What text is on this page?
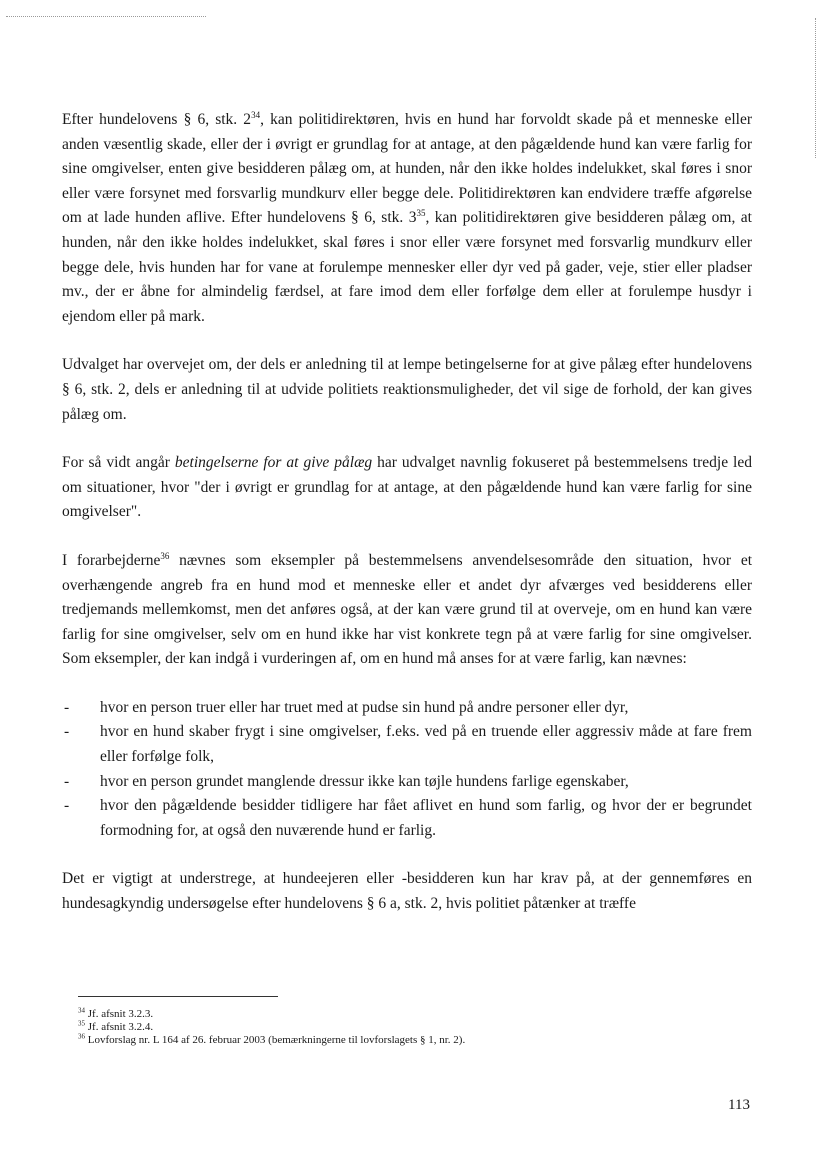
Efter hundelovens § 6, stk. $2^{34}$, kan politidirektøren, hvis en hund har forvoldt skade på et menneske eller anden væsentlig skade, eller der i øvrigt er grundlag for at antage, at den pågældende hund kan være farlig for sine omgivelser, enten give besidderen pålæg om, at hunden, når den ikke holdes indelukket, skal føres i snor eller være forsynet med forsvarlig mundkurv eller begge dele. Politidirektøren kan endvidere træffe afgørelse om at lade hunden aflive. Efter hundelovens § 6, stk. $3^{35}$, kan politidirektøren give besidderen pålæg om, at hunden, når den ikke holdes indelukket, skal føres i snor eller være forsynet med forsvarlig mundkurv eller begge dele, hvis hunden har for vane at forulempe mennesker eller dyr ved på gader, veje, stier eller pladser mv., der er åbne for almindelig færdsel, at fare imod dem eller forfølge dem eller at forulempe husdyr i ejendom eller på mark.

Udvalget har overvejet om, der dels er anledning til at lempe betingelserne for at give pålæg efter hundelovens § 6, stk. 2, dels er anledning til at udvide politiets reaktionsmuligheder, det vil sige de forhold, der kan gives pålæg om.

For så vidt angår betingelserne for at give pålæg har udvalget navnlig fokuseret på bestemmelsens tredje led om situationer, hvor "der i øvrigt er grundlag for at antage, at den pågældende hund kan være farlig for sine omgivelser".

I forarbejderne$^{36}$ nævnes som eksempler på bestemmelsens anvendelsesområde den situation, hvor et overhængende angreb fra en hund mod et menneske eller et andet dyr afværges ved besidderens eller tredjemands mellemkomst, men det anføres også, at der kan være grund til at overveje, om en hund kan være farlig for sine omgivelser, selv om en hund ikke har vist konkrete tegn på at være farlig for sine omgivelser. Som eksempler, der kan indgå i vurderingen af, om en hund må anses for at være farlig, kan nævnes:

- hvor en person truer eller har truet med at pudse sin hund på andre personer eller dyr,
- hvor en hund skaber frygt i sine omgivelser, f.eks. ved på en truende eller aggressiv måde at fare frem eller forfølge folk,
- hvor en person grundet manglende dressur ikke kan tøjle hundens farlige egenskaber,
- hvor den pågældende besidder tidligere har fået aflivet en hund som farlig, og hvor der er begrundet formodning for, at også den nuværende hund er farlig.

Det er vigtigt at understrege, at hundeejeren eller -besidderen kun har krav på, at der gennemføres en hundesagkyndig undersøgelse efter hundelovens § 6 a, stk. 2, hvis politiet påtænker at træffe

$^{34}$ Jf. afsnit 3.2.3.
$^{35}$ Jf. afsnit 3.2.4.
$^{36}$ Lovforslag nr. L 164 af 26. februar 2003 (bemærkningerne til lovforslagets § 1, nr. 2).
113
